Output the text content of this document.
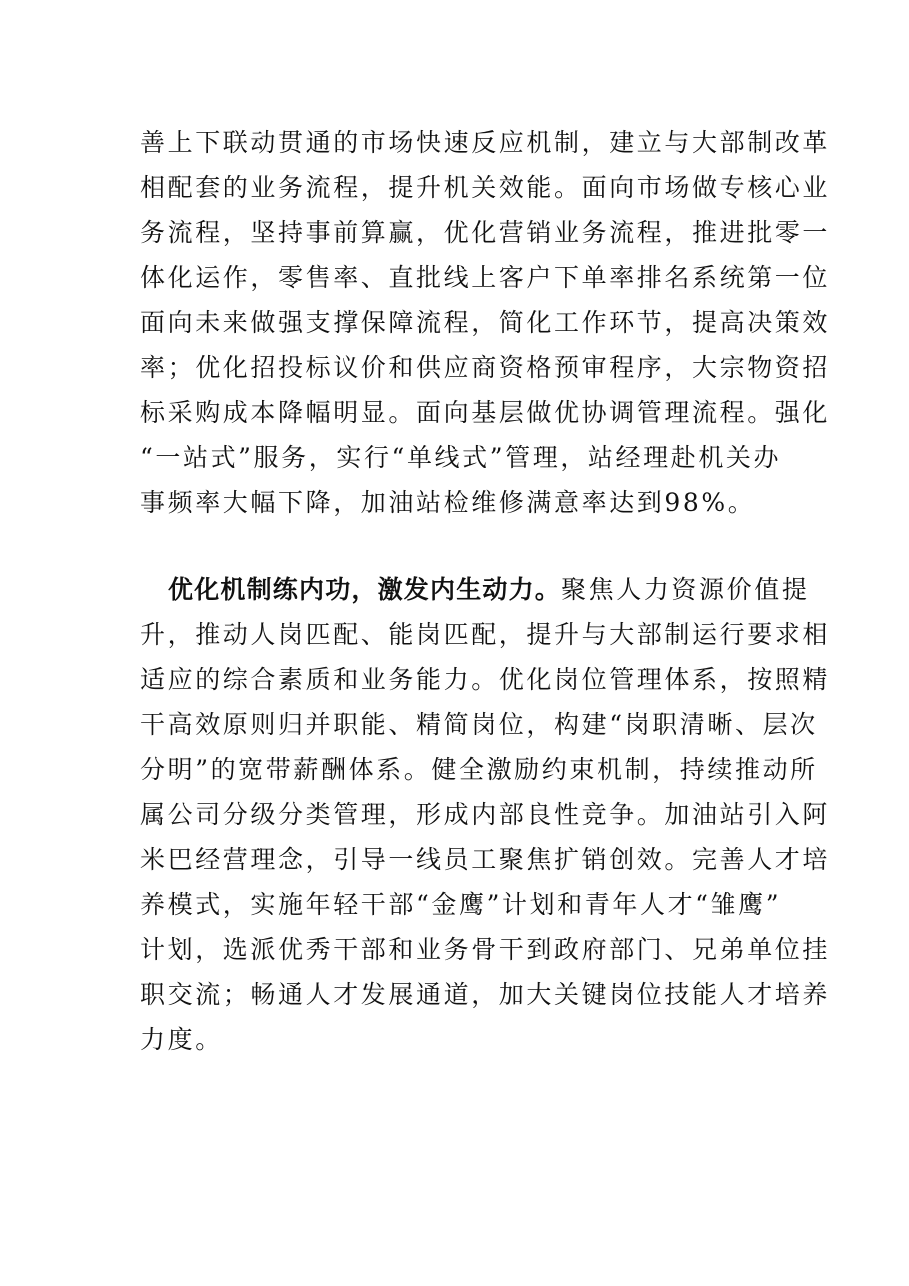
善上下联动贯通的市场快速反应机制，建立与大部制改革
相配套的业务流程，提升机关效能。面向市场做专核心业
务流程，坚持事前算赢，优化营销业务流程，推进批零一
体化运作，零售率、直批线上客户下单率排名系统第一位
面向未来做强支撑保障流程，简化工作环节，提高决策效
率；优化招投标议价和供应商资格预审程序，大宗物资招
标采购成本降幅明显。面向基层做优协调管理流程。强化
“一站式”服务，实行“单线式”管理，站经理赴机关办
事频率大幅下降，加油站检维修满意率达到98%。
优化机制练内功，激发内生动力。聚焦人力资源价值提
升，推动人岗匹配、能岗匹配，提升与大部制运行要求相
适应的综合素质和业务能力。优化岗位管理体系，按照精
干高效原则归并职能、精简岗位，构建“岗职清晰、层次
分明”的宽带薪酬体系。健全激励约束机制，持续推动所
属公司分级分类管理，形成内部良性竞争。加油站引入阿
米巴经营理念，引导一线员工聚焦扩销创效。完善人才培
养模式，实施年轻干部“金鹰”计划和青年人才“雏鹰”
计划，选派优秀干部和业务骨干到政府部门、兄弟单位挂
职交流；畅通人才发展通道，加大关键岗位技能人才培养
力度。
